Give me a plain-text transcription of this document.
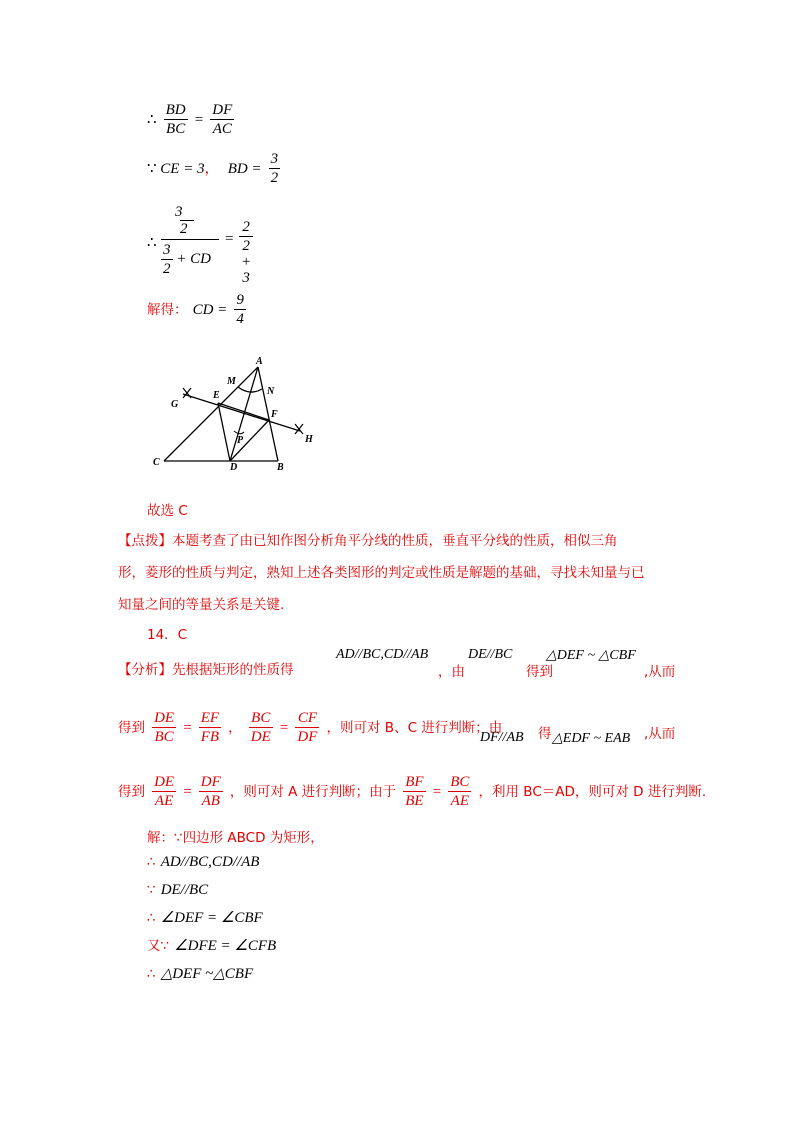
∴ $\frac{BD}{BC} = \frac{DF}{AC}$
∵ CE = 3， BD = $\frac{3}{2}$
∴
3
2
$\frac{3}{2}$ + CD
= $\frac{2}{2 + 3}$
解得： CD = $\frac{9}{4}$
A
M
N
E
F
G
H
P
C	D	B
故选 C
【点拨】本题考查了由已知作图分析角平分线的性质，垂直平分线的性质，相似三角
形，菱形的性质与判定，熟知上述各类图形的判定或性质是解题的基础，寻找未知量与已
知量之间的等量关系是关键.
14．C
【分析】先根据矩形的性质得
AD//BC,CD//AB
，由
DE//BC
得到
△DEF ~ △CBF
,从而
得到 $\frac{DE}{BC} = \frac{EF}{FB}$ ， $\frac{BC}{DE} = \frac{CF}{DF}$ ，则可对 B、C 进行判断；由
DF//AB 得 △EDF ~ EAB ,从而
得到 $\frac{DE}{AE} = \frac{DF}{AB}$ ，则可对 A 进行判断；由于 $\frac{BF}{BE} = \frac{BC}{AE}$ ，利用 BC＝AD，则可对 D 进行判断.
解：∵四边形 ABCD 为矩形，
∴ AD//BC,CD//AB
∵ DE//BC
∴ ∠DEF = ∠CBF
又∵ ∠DFE = ∠CFB
∴ △DEF ~△CBF
